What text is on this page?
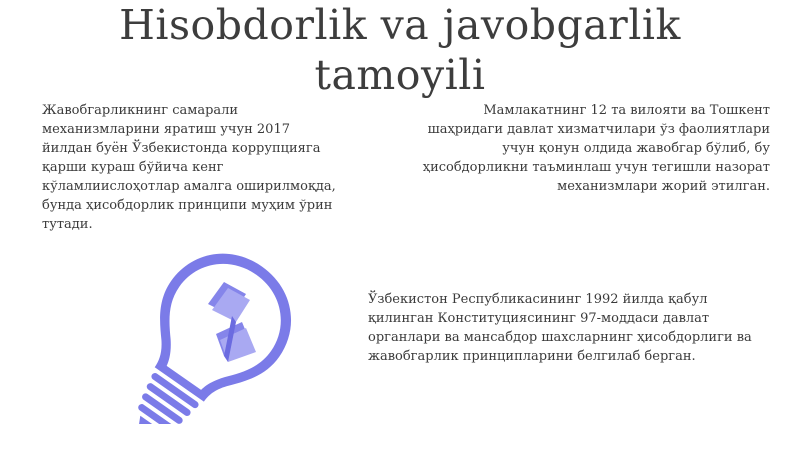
Hisobdorlik va javobgarlik
tamoyili
Жавобгарликнинг самарали механизмларини яратиш учун 2017 йилдан буён Ўзбекистонда коррупцияга қарши кураш бўйича кенг кўламлиислоҳотлар амалга оширилмоқда, бунда ҳисобдорлик принципи муҳим ўрин тутади.
Мамлакатнинг 12 та вилояти ва Тошкент шаҳридаги давлат хизматчилари ўз фаолиятлари учун қонун олдида жавобгар бўлиб, бу ҳисобдорликни таъминлаш учун тегишли назорат механизмлари жорий этилган.
Ўзбекистон Республикасининг 1992 йилда қабул қилинган Конституциясининг 97-моддаси давлат органлари ва мансабдор шахсларнинг ҳисобдорлиги ва жавобгарлик принципларини белгилаб берган.
